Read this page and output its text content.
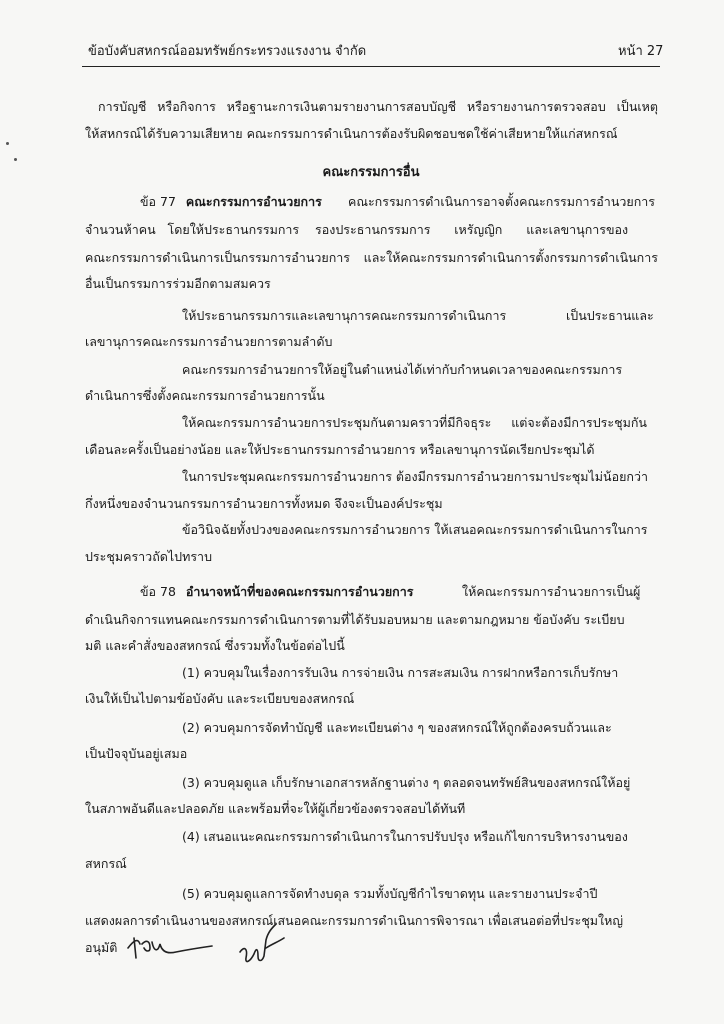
ข้อบังคับสหกรณ์ออมทรัพย์กระทรวงแรงงาน จำกัด	หน้า 27
การบัญชี หรือกิจการ หรือฐานะการเงินตามรายงานการสอบบัญชี หรือรายงานการตรวจสอบ เป็นเหตุ
ให้สหกรณ์ได้รับความเสียหาย คณะกรรมการดำเนินการต้องรับผิดชอบชดใช้ค่าเสียหายให้แก่สหกรณ์
คณะกรรมการอื่น
ข้อ 77 คณะกรรมการอำนวยการ คณะกรรมการดำเนินการอาจตั้งคณะกรรมการอำนวยการ
จำนวนห้าคน   โดยให้ประธานกรรมการ    รองประธานกรรมการ      เหรัญญิก      และเลขานุการของ
คณะกรรมการดำเนินการเป็นกรรมการอำนวยการ และให้คณะกรรมการดำเนินการตั้งกรรมการดำเนินการ
อื่นเป็นกรรมการร่วมอีกตามสมควร
ให้ประธานกรรมการและเลขานุการคณะกรรมการดำเนินการ	เป็นประธานและ
เลขานุการคณะกรรมการอำนวยการตามลำดับ
คณะกรรมการอำนวยการให้อยู่ในตำแหน่งได้เท่ากับกำหนดเวลาของคณะกรรมการ
ดำเนินการซึ่งตั้งคณะกรรมการอำนวยการนั้น
ให้คณะกรรมการอำนวยการประชุมกันตามคราวที่มีกิจธุระ     แต่จะต้องมีการประชุมกัน
เดือนละครั้งเป็นอย่างน้อย และให้ประธานกรรมการอำนวยการ หรือเลขานุการนัดเรียกประชุมได้
ในการประชุมคณะกรรมการอำนวยการ ต้องมีกรรมการอำนวยการมาประชุมไม่น้อยกว่า
กึ่งหนึ่งของจำนวนกรรมการอำนวยการทั้งหมด จึงจะเป็นองค์ประชุม
ข้อวินิจฉัยทั้งปวงของคณะกรรมการอำนวยการ ให้เสนอคณะกรรมการดำเนินการในการ
ประชุมคราวถัดไปทราบ
ข้อ 78 อำนาจหน้าที่ของคณะกรรมการอำนวยการ	ให้คณะกรรมการอำนวยการเป็นผู้
ดำเนินกิจการแทนคณะกรรมการดำเนินการตามที่ได้รับมอบหมาย และตามกฎหมาย ข้อบังคับ ระเบียบ
มติ และคำสั่งของสหกรณ์ ซึ่งรวมทั้งในข้อต่อไปนี้
(1) ควบคุมในเรื่องการรับเงิน การจ่ายเงิน การสะสมเงิน การฝากหรือการเก็บรักษา
เงินให้เป็นไปตามข้อบังคับ และระเบียบของสหกรณ์
(2) ควบคุมการจัดทำบัญชี และทะเบียนต่าง ๆ ของสหกรณ์ให้ถูกต้องครบถ้วนและ
เป็นปัจจุบันอยู่เสมอ
(3) ควบคุมดูแล เก็บรักษาเอกสารหลักฐานต่าง ๆ ตลอดจนทรัพย์สินของสหกรณ์ให้อยู่
ในสภาพอันดีและปลอดภัย และพร้อมที่จะให้ผู้เกี่ยวข้องตรวจสอบได้ทันที
(4) เสนอแนะคณะกรรมการดำเนินการในการปรับปรุง หรือแก้ไขการบริหารงานของ
สหกรณ์
(5) ควบคุมดูแลการจัดทำงบดุล รวมทั้งบัญชีกำไรขาดทุน และรายงานประจำปี
แสดงผลการดำเนินงานของสหกรณ์เสนอคณะกรรมการดำเนินการพิจารณา เพื่อเสนอต่อที่ประชุมใหญ่
อนุมัติ
